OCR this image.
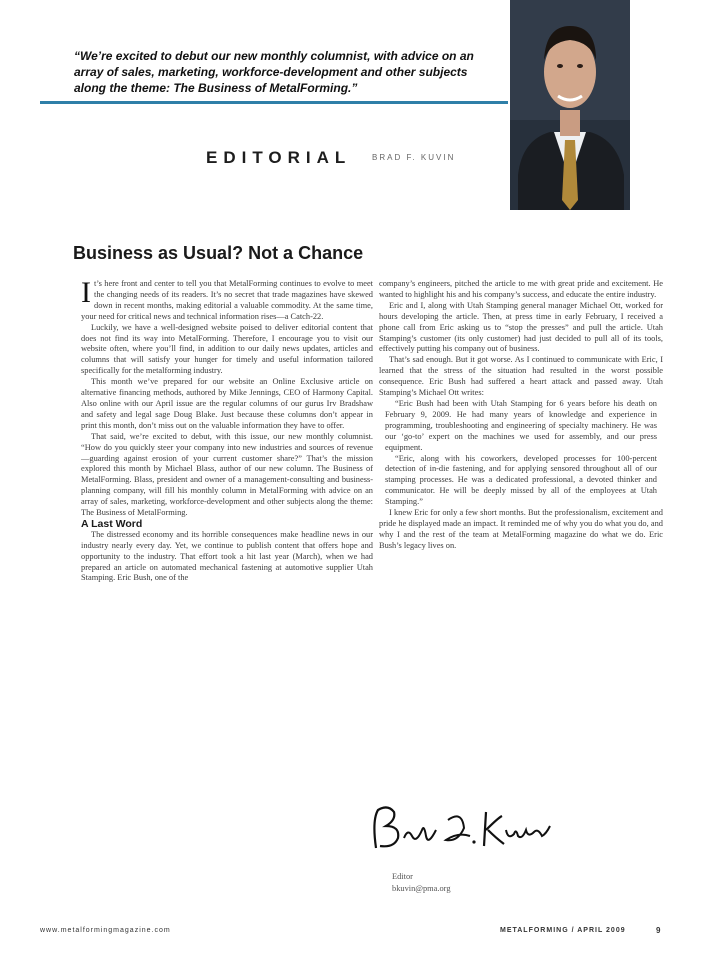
“We’re excited to debut our new monthly columnist, with advice on an array of sales, marketing, workforce-development and other subjects along the theme: The Business of MetalForming.”
EDITORIAL	BRAD F. KUVIN
Business as Usual? Not a Chance

It’s here front and center to tell you that MetalForming continues to evolve to meet the changing needs of its readers. It’s no secret that trade magazines have skewed down in recent months, making editorial a valuable commodity. At the same time, your need for critical news and technical information rises—a Catch-22.

Luckily, we have a well-designed website poised to deliver editorial content that does not find its way into MetalForming. Therefore, I encourage you to visit our website often, where you’ll find, in addition to our daily news updates, articles and columns that will satisfy your hunger for timely and useful information tailored specifically for the metalforming industry.

This month we’ve prepared for our website an Online Exclusive article on alternative financing methods, authored by Mike Jennings, CEO of Harmony Capital. Also online with our April issue are the regular columns of our gurus Irv Bradshaw and safety and legal sage Doug Blake. Just because these columns don’t appear in print this month, don’t miss out on the valuable information they have to offer.

That said, we’re excited to debut, with this issue, our new monthly columnist. “How do you quickly steer your company into new industries and sources of revenue—guarding against erosion of your current customer share?” That’s the mission explored this month by Michael Blass, author of our new column. The Business of MetalForming. Blass, president and owner of a management-consulting and business-planning company, will fill his monthly column in MetalForming with advice on an array of sales, marketing, workforce-development and other subjects along the theme: The Business of MetalForming.

A Last Word

The distressed economy and its horrible consequences make headline news in our industry nearly every day. Yet, we continue to publish content that offers hope and opportunity to the industry. That effort took a hit last year (March), when we had prepared an article on automated mechanical fastening at automotive supplier Utah Stamping. Eric Bush, one of the

company’s engineers, pitched the article to me with great pride and excitement. He wanted to highlight his and his company’s success, and educate the entire industry.

Eric and I, along with Utah Stamping general manager Michael Ott, worked for hours developing the article. Then, at press time in early February, I received a phone call from Eric asking us to “stop the presses” and pull the article. Utah Stamping’s customer (its only customer) had just decided to pull all of its tools, effectively putting his company out of business.

That’s sad enough. But it got worse. As I continued to communicate with Eric, I learned that the stress of the situation had resulted in the worst possible consequence. Eric Bush had suffered a heart attack and passed away. Utah Stamping’s Michael Ott writes:

“Eric Bush had been with Utah Stamping for 6 years before his death on February 9, 2009. He had many years of knowledge and experience in programming, troubleshooting and engineering of specialty machinery. He was our ‘go-to’ expert on the machines we used for assembly, and our press equipment.

“Eric, along with his coworkers, developed processes for 100-percent detection of in-die fastening, and for applying sensored throughout all of our stamping processes. He was a dedicated professional, a devoted thinker and communicator. He will be deeply missed by all of the employees at Utah Stamping.”

I knew Eric for only a few short months. But the professionalism, excitement and pride he displayed made an impact. It reminded me of why you do what you do, and why I and the rest of the team at MetalForming magazine do what we do. Eric Bush’s legacy lives on.

Editor
bkuvin@pma.org
www.metalformingmagazine.com	METALFORMING / APRIL 2009	9
